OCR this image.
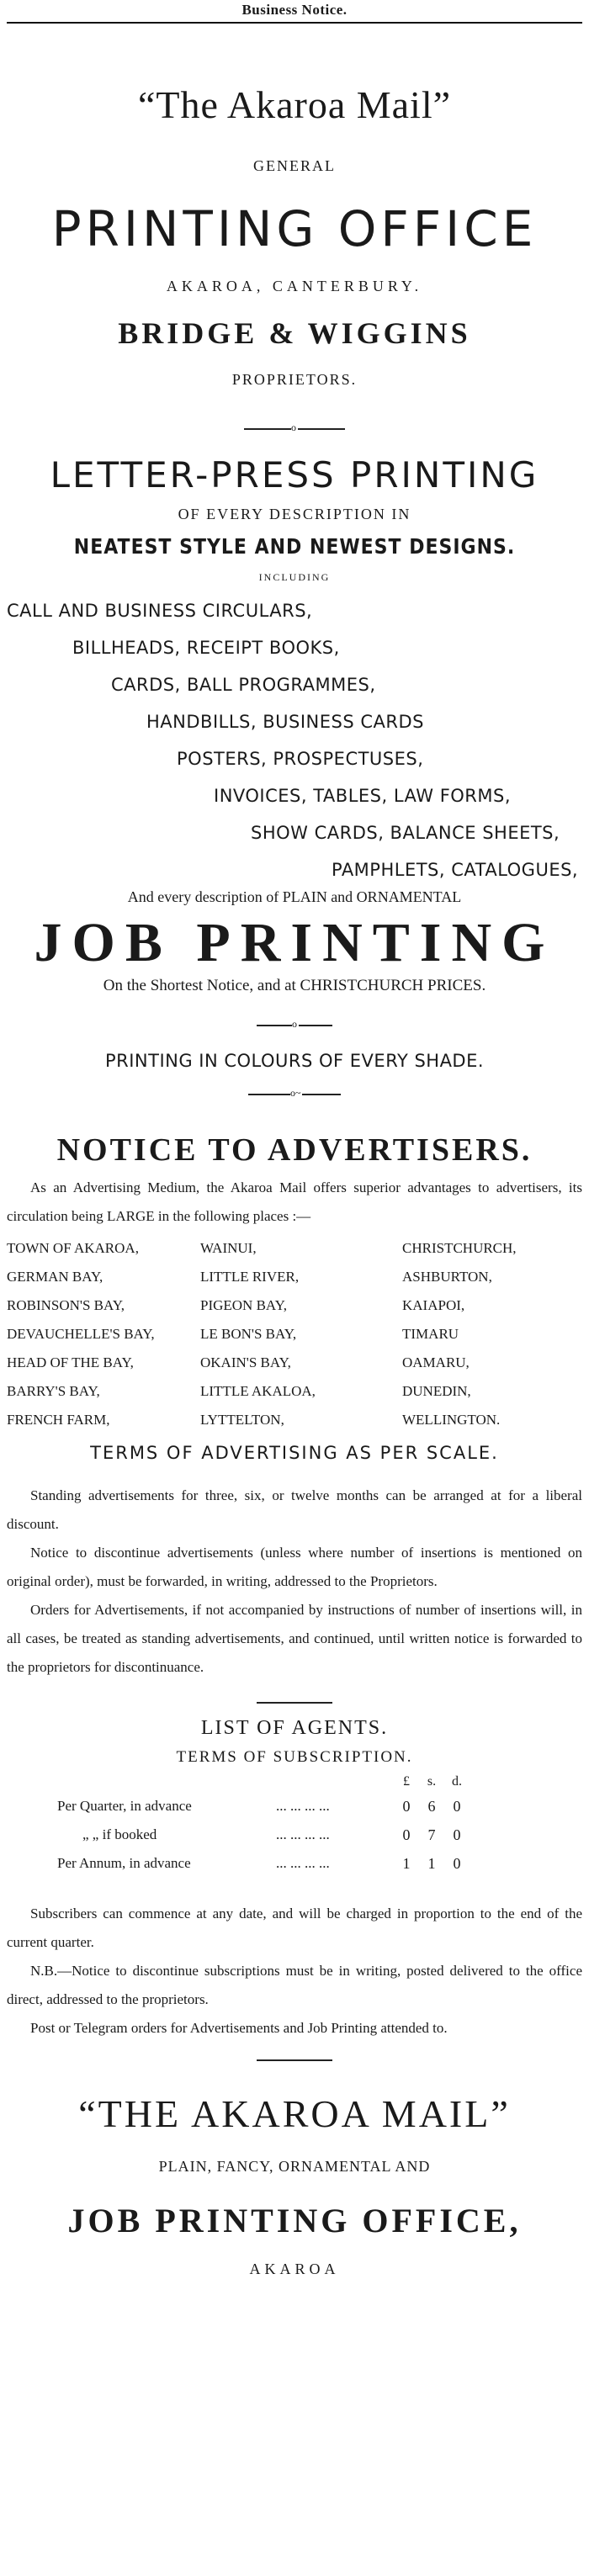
Business Notice.
“The Akaroa Mail”
GENERAL
PRINTING OFFICE
AKAROA, CANTERBURY.
BRIDGE & WIGGINS
PROPRIETORS.
o
LETTER-PRESS PRINTING
OF EVERY DESCRIPTION IN
NEATEST STYLE AND NEWEST DESIGNS.
INCLUDING
CALL AND BUSINESS CIRCULARS,
BILLHEADS, RECEIPT BOOKS,
CARDS, BALL PROGRAMMES,
HANDBILLS, BUSINESS CARDS
POSTERS, PROSPECTUSES,
INVOICES, TABLES, LAW FORMS,
SHOW CARDS, BALANCE SHEETS,
PAMPHLETS, CATALOGUES,
And every description of PLAIN and ORNAMENTAL
JOB PRINTING
On the Shortest Notice, and at CHRISTCHURCH PRICES.
o
PRINTING IN COLOURS OF EVERY SHADE.
o~
NOTICE TO ADVERTISERS.
As an Advertising Medium, the Akaroa Mail offers superior advantages to advertisers, its circulation being LARGE in the following places :—
TOWN OF AKAROA,	WAINUI,	CHRISTCHURCH,
GERMAN BAY,	LITTLE RIVER,	ASHBURTON,
ROBINSON'S BAY,	PIGEON BAY,	KAIAPOI,
DEVAUCHELLE'S BAY,	LE BON'S BAY,	TIMARU
HEAD OF THE BAY,	OKAIN'S BAY,	OAMARU,
BARRY'S BAY,	LITTLE AKALOA,	DUNEDIN,
FRENCH FARM,	LYTTELTON,	WELLINGTON.
TERMS OF ADVERTISING AS PER SCALE.
Standing advertisements for three, six, or twelve months can be arranged at for a liberal discount.
Notice to discontinue advertisements (unless where number of insertions is mentioned on original order), must be forwarded, in writing, addressed to the Proprietors.
Orders for Advertisements, if not accompanied by instructions of number of insertions will, in all cases, be treated as standing advertisements, and continued, until written notice is forwarded to the proprietors for discontinuance.
LIST OF AGENTS.
TERMS OF SUBSCRIPTION.
		£	s.	d.
Per Quarter, in advance	... ... ... ...	0	6	0
„ „ if booked	... ... ... ...	0	7	0
Per Annum, in advance	... ... ... ...	1	1	0
Subscribers can commence at any date, and will be charged in proportion to the end of the current quarter.
N.B.—Notice to discontinue subscriptions must be in writing, posted delivered to the office direct, addressed to the proprietors.
Post or Telegram orders for Advertisements and Job Printing attended to.
“THE AKAROA MAIL”
PLAIN, FANCY, ORNAMENTAL AND
JOB PRINTING OFFICE,
AKAROA
